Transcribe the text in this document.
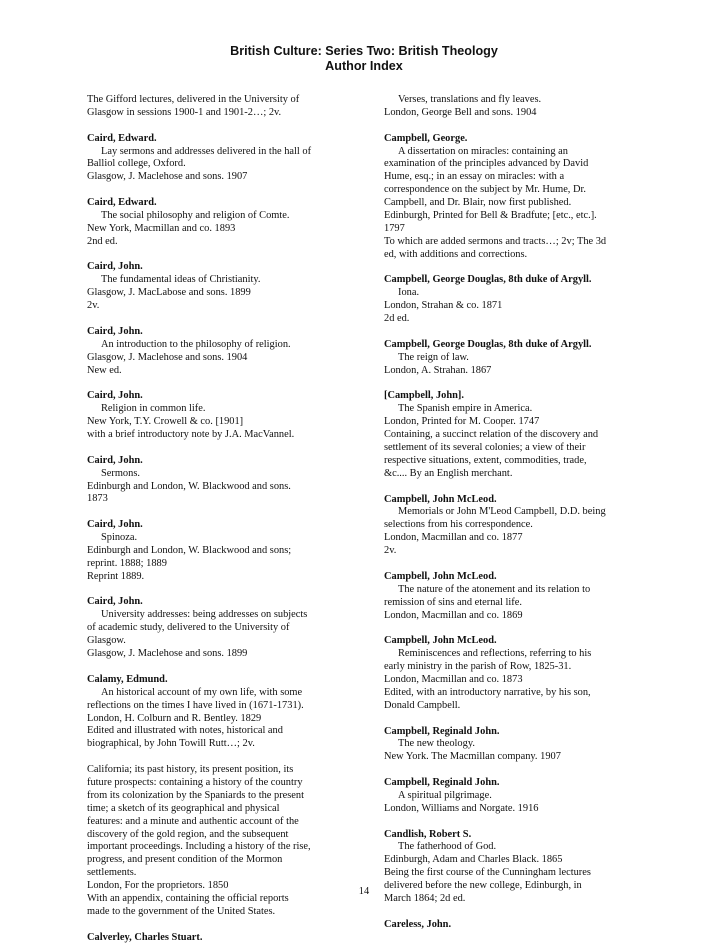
British Culture: Series Two: British Theology
Author Index
The Gifford lectures, delivered in the University of
Glasgow in sessions 1900-1 and 1901-2…; 2v.
Caird, Edward.
Lay sermons and addresses delivered in the hall of
Balliol college, Oxford.
Glasgow, J. Maclehose and sons. 1907
Caird, Edward.
The social philosophy and religion of Comte.
New York, Macmillan and co. 1893
2nd ed.
Caird, John.
The fundamental ideas of Christianity.
Glasgow, J. MacLabose and sons. 1899
2v.
Caird, John.
An introduction to the philosophy of religion.
Glasgow, J. Maclehose and sons. 1904
New ed.
Caird, John.
Religion in common life.
New York, T.Y. Crowell & co. [1901]
with a brief introductory note by J.A. MacVannel.
Caird, John.
Sermons.
Edinburgh and London, W. Blackwood and sons.
1873
Caird, John.
Spinoza.
Edinburgh and London, W. Blackwood and sons;
reprint. 1888; 1889
Reprint 1889.
Caird, John.
University addresses: being addresses on subjects
of academic study, delivered to the University of
Glasgow.
Glasgow, J. Maclehose and sons. 1899
Calamy, Edmund.
An historical account of my own life, with some
reflections on the times I have lived in (1671-1731).
London, H. Colburn and R. Bentley. 1829
Edited and illustrated with notes, historical and
biographical, by John Towill Rutt…; 2v.
California; its past history, its present position, its
future prospects: containing a history of the country
from its colonization by the Spaniards to the present
time; a sketch of its geographical and physical
features: and a minute and authentic account of the
discovery of the gold region, and the subsequent
important proceedings. Including a history of the rise,
progress, and present condition of the Mormon
settlements.
London, For the proprietors. 1850
With an appendix, containing the official reports
made to the government of the United States.
Calverley, Charles Stuart.
Verses, translations and fly leaves.
London, George Bell and sons. 1904
Campbell, George.
A dissertation on miracles: containing an
examination of the principles advanced by David
Hume, esq.; in an essay on miracles: with a
correspondence on the subject by Mr. Hume, Dr.
Campbell, and Dr. Blair, now first published.
Edinburgh, Printed for Bell & Bradfute; [etc., etc.].
1797
To which are added sermons and tracts…; 2v; The 3d
ed, with additions and corrections.
Campbell, George Douglas, 8th duke of Argyll.
Iona.
London, Strahan & co. 1871
2d ed.
Campbell, George Douglas, 8th duke of Argyll.
The reign of law.
London, A. Strahan. 1867
[Campbell, John].
The Spanish empire in America.
London, Printed for M. Cooper. 1747
Containing, a succinct relation of the discovery and
settlement of its several colonies; a view of their
respective situations, extent, commodities, trade,
&c.... By an English merchant.
Campbell, John McLeod.
Memorials or John M'Leod Campbell, D.D. being
selections from his correspondence.
London, Macmillan and co. 1877
2v.
Campbell, John McLeod.
The nature of the atonement and its relation to
remission of sins and eternal life.
London, Macmillan and co. 1869
Campbell, John McLeod.
Reminiscences and reflections, referring to his
early ministry in the parish of Row, 1825-31.
London, Macmillan and co. 1873
Edited, with an introductory narrative, by his son,
Donald Campbell.
Campbell, Reginald John.
The new theology.
New York. The Macmillan company. 1907
Campbell, Reginald John.
A spiritual pilgrimage.
London, Williams and Norgate. 1916
Candlish, Robert S.
The fatherhood of God.
Edinburgh, Adam and Charles Black. 1865
Being the first course of the Cunningham lectures
delivered before the new college, Edinburgh, in
March 1864; 2d ed.
Careless, John.
14
